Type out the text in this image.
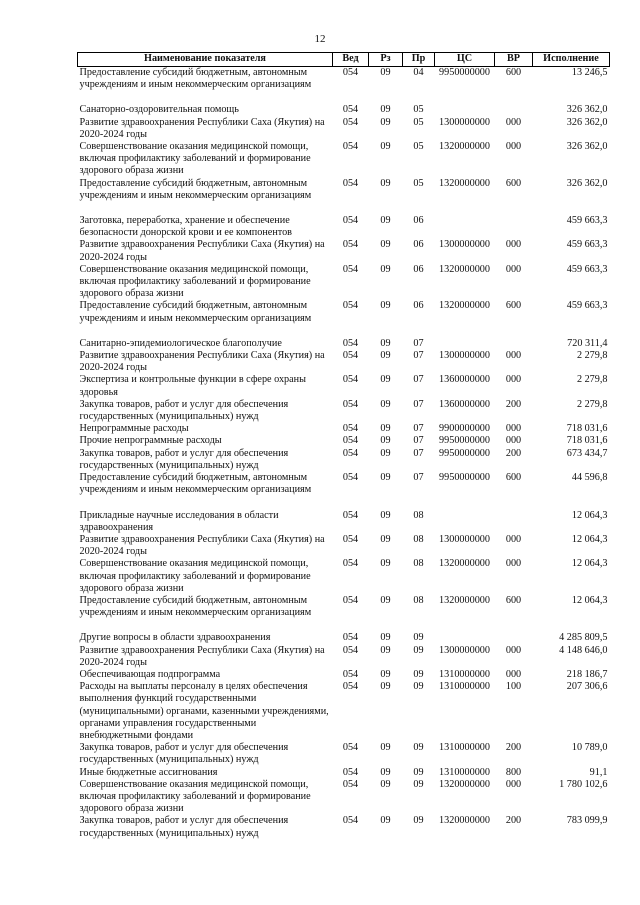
12
Наименование показателя	Вед	Рз	Пр	ЦС	ВР	Исполнение
Предоставление субсидий бюджетным, автономным учреждениям и иным некоммерческим организациям	054	09	04	9950000000	600	13 246,5

Санаторно-оздоровительная помощь	054	09	05			326 362,0
Развитие здравоохранения Республики Саха (Якутия) на 2020-2024 годы	054	09	05	1300000000	000	326 362,0
Совершенствование оказания медицинской помощи, включая профилактику заболеваний и формирование здорового образа жизни	054	09	05	1320000000	000	326 362,0
Предоставление субсидий бюджетным, автономным учреждениям и иным некоммерческим организациям	054	09	05	1320000000	600	326 362,0

Заготовка, переработка, хранение и обеспечение безопасности донорской крови и ее компонентов	054	09	06			459 663,3
Развитие здравоохранения Республики Саха (Якутия) на 2020-2024 годы	054	09	06	1300000000	000	459 663,3
Совершенствование оказания медицинской помощи, включая профилактику заболеваний и формирование здорового образа жизни	054	09	06	1320000000	000	459 663,3
Предоставление субсидий бюджетным, автономным учреждениям и иным некоммерческим организациям	054	09	06	1320000000	600	459 663,3

Санитарно-эпидемиологическое благополучие	054	09	07			720 311,4
Развитие здравоохранения Республики Саха (Якутия) на 2020-2024 годы	054	09	07	1300000000	000	2 279,8
Экспертиза и контрольные функции в сфере охраны здоровья	054	09	07	1360000000	000	2 279,8
Закупка товаров, работ и услуг для обеспечения государственных (муниципальных) нужд	054	09	07	1360000000	200	2 279,8
Непрограммные расходы	054	09	07	9900000000	000	718 031,6
Прочие непрограммные расходы	054	09	07	9950000000	000	718 031,6
Закупка товаров, работ и услуг для обеспечения государственных (муниципальных) нужд	054	09	07	9950000000	200	673 434,7
Предоставление субсидий бюджетным, автономным учреждениям и иным некоммерческим организациям	054	09	07	9950000000	600	44 596,8

Прикладные научные исследования в области здравоохранения	054	09	08			12 064,3
Развитие здравоохранения Республики Саха (Якутия) на 2020-2024 годы	054	09	08	1300000000	000	12 064,3
Совершенствование оказания медицинской помощи, включая профилактику заболеваний и формирование здорового образа жизни	054	09	08	1320000000	000	12 064,3
Предоставление субсидий бюджетным, автономным учреждениям и иным некоммерческим организациям	054	09	08	1320000000	600	12 064,3

Другие вопросы в области здравоохранения	054	09	09			4 285 809,5
Развитие здравоохранения Республики Саха (Якутия) на 2020-2024 годы	054	09	09	1300000000	000	4 148 646,0
Обеспечивающая подпрограмма	054	09	09	1310000000	000	218 186,7
Расходы на выплаты персоналу в целях обеспечения выполнения функций государственными (муниципальными) органами, казенными учреждениями, органами управления государственными внебюджетными фондами	054	09	09	1310000000	100	207 306,6
Закупка товаров, работ и услуг для обеспечения государственных (муниципальных) нужд	054	09	09	1310000000	200	10 789,0
Иные бюджетные ассигнования	054	09	09	1310000000	800	91,1
Совершенствование оказания медицинской помощи, включая профилактику заболеваний и формирование здорового образа жизни	054	09	09	1320000000	000	1 780 102,6
Закупка товаров, работ и услуг для обеспечения государственных (муниципальных) нужд	054	09	09	1320000000	200	783 099,9
